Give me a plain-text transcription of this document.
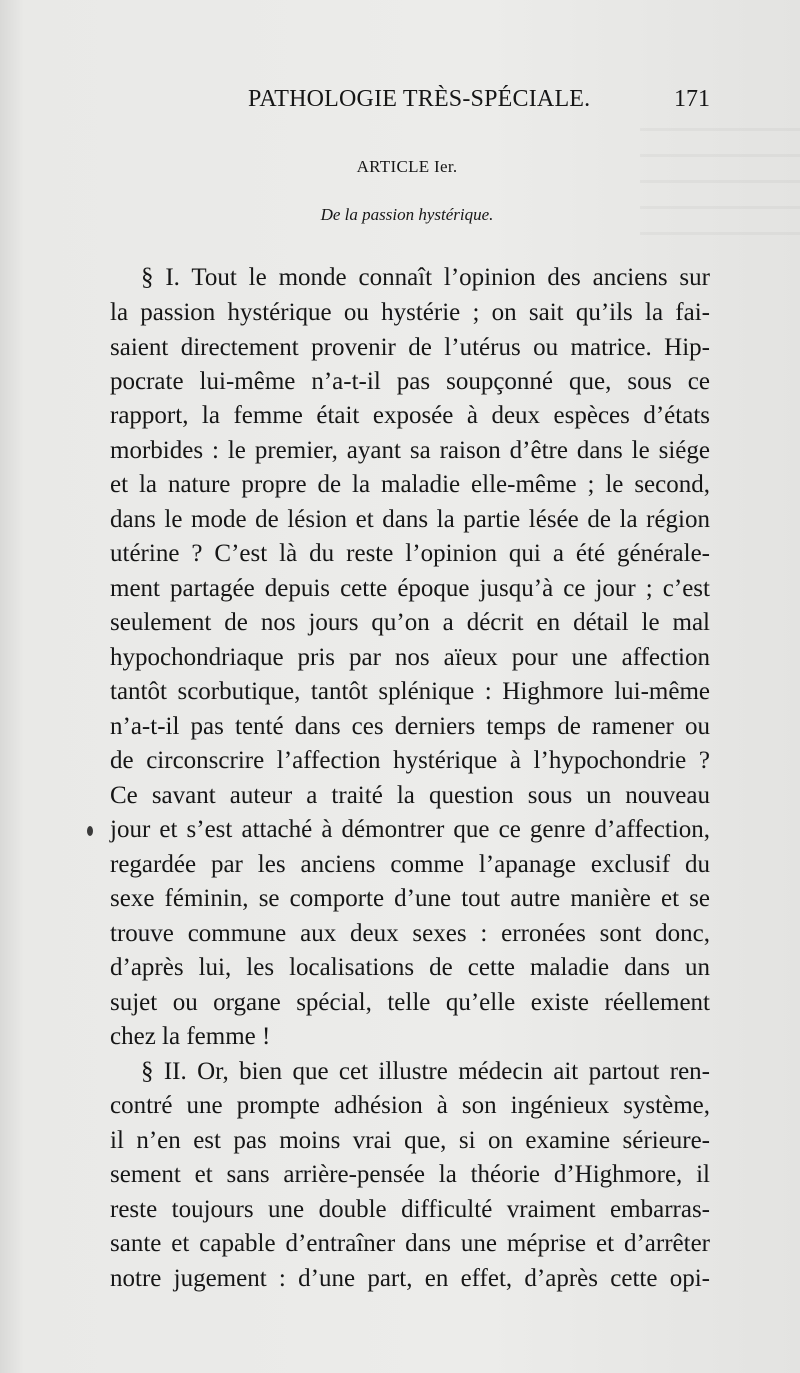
PATHOLOGIE TRÈS-SPÉCIALE.	171
ARTICLE Ier.
De la passion hystérique.
§ I. Tout le monde connaît l’opinion des anciens sur
la passion hystérique ou hystérie ; on sait qu’ils la fai-
saient directement provenir de l’utérus ou matrice. Hip-
pocrate lui-même n’a-t-il pas soupçonné que, sous ce
rapport, la femme était exposée à deux espèces d’états
morbides : le premier, ayant sa raison d’être dans le siége
et la nature propre de la maladie elle-même ; le second,
dans le mode de lésion et dans la partie lésée de la région
utérine ? C’est là du reste l’opinion qui a été générale-
ment partagée depuis cette époque jusqu’à ce jour ; c’est
seulement de nos jours qu’on a décrit en détail le mal
hypochondriaque pris par nos aïeux pour une affection
tantôt scorbutique, tantôt splénique : Highmore lui-même
n’a-t-il pas tenté dans ces derniers temps de ramener ou
de circonscrire l’affection hystérique à l’hypochondrie ?
Ce savant auteur a traité la question sous un nouveau
jour et s’est attaché à démontrer que ce genre d’affection,
regardée par les anciens comme l’apanage exclusif du
sexe féminin, se comporte d’une tout autre manière et se
trouve commune aux deux sexes : erronées sont donc,
d’après lui, les localisations de cette maladie dans un
sujet ou organe spécial, telle qu’elle existe réellement
chez la femme !
§ II. Or, bien que cet illustre médecin ait partout ren-
contré une prompte adhésion à son ingénieux système,
il n’en est pas moins vrai que, si on examine sérieure-
sement et sans arrière-pensée la théorie d’Highmore, il
reste toujours une double difficulté vraiment embarras-
sante et capable d’entraîner dans une méprise et d’arrêter
notre jugement : d’une part, en effet, d’après cette opi-
